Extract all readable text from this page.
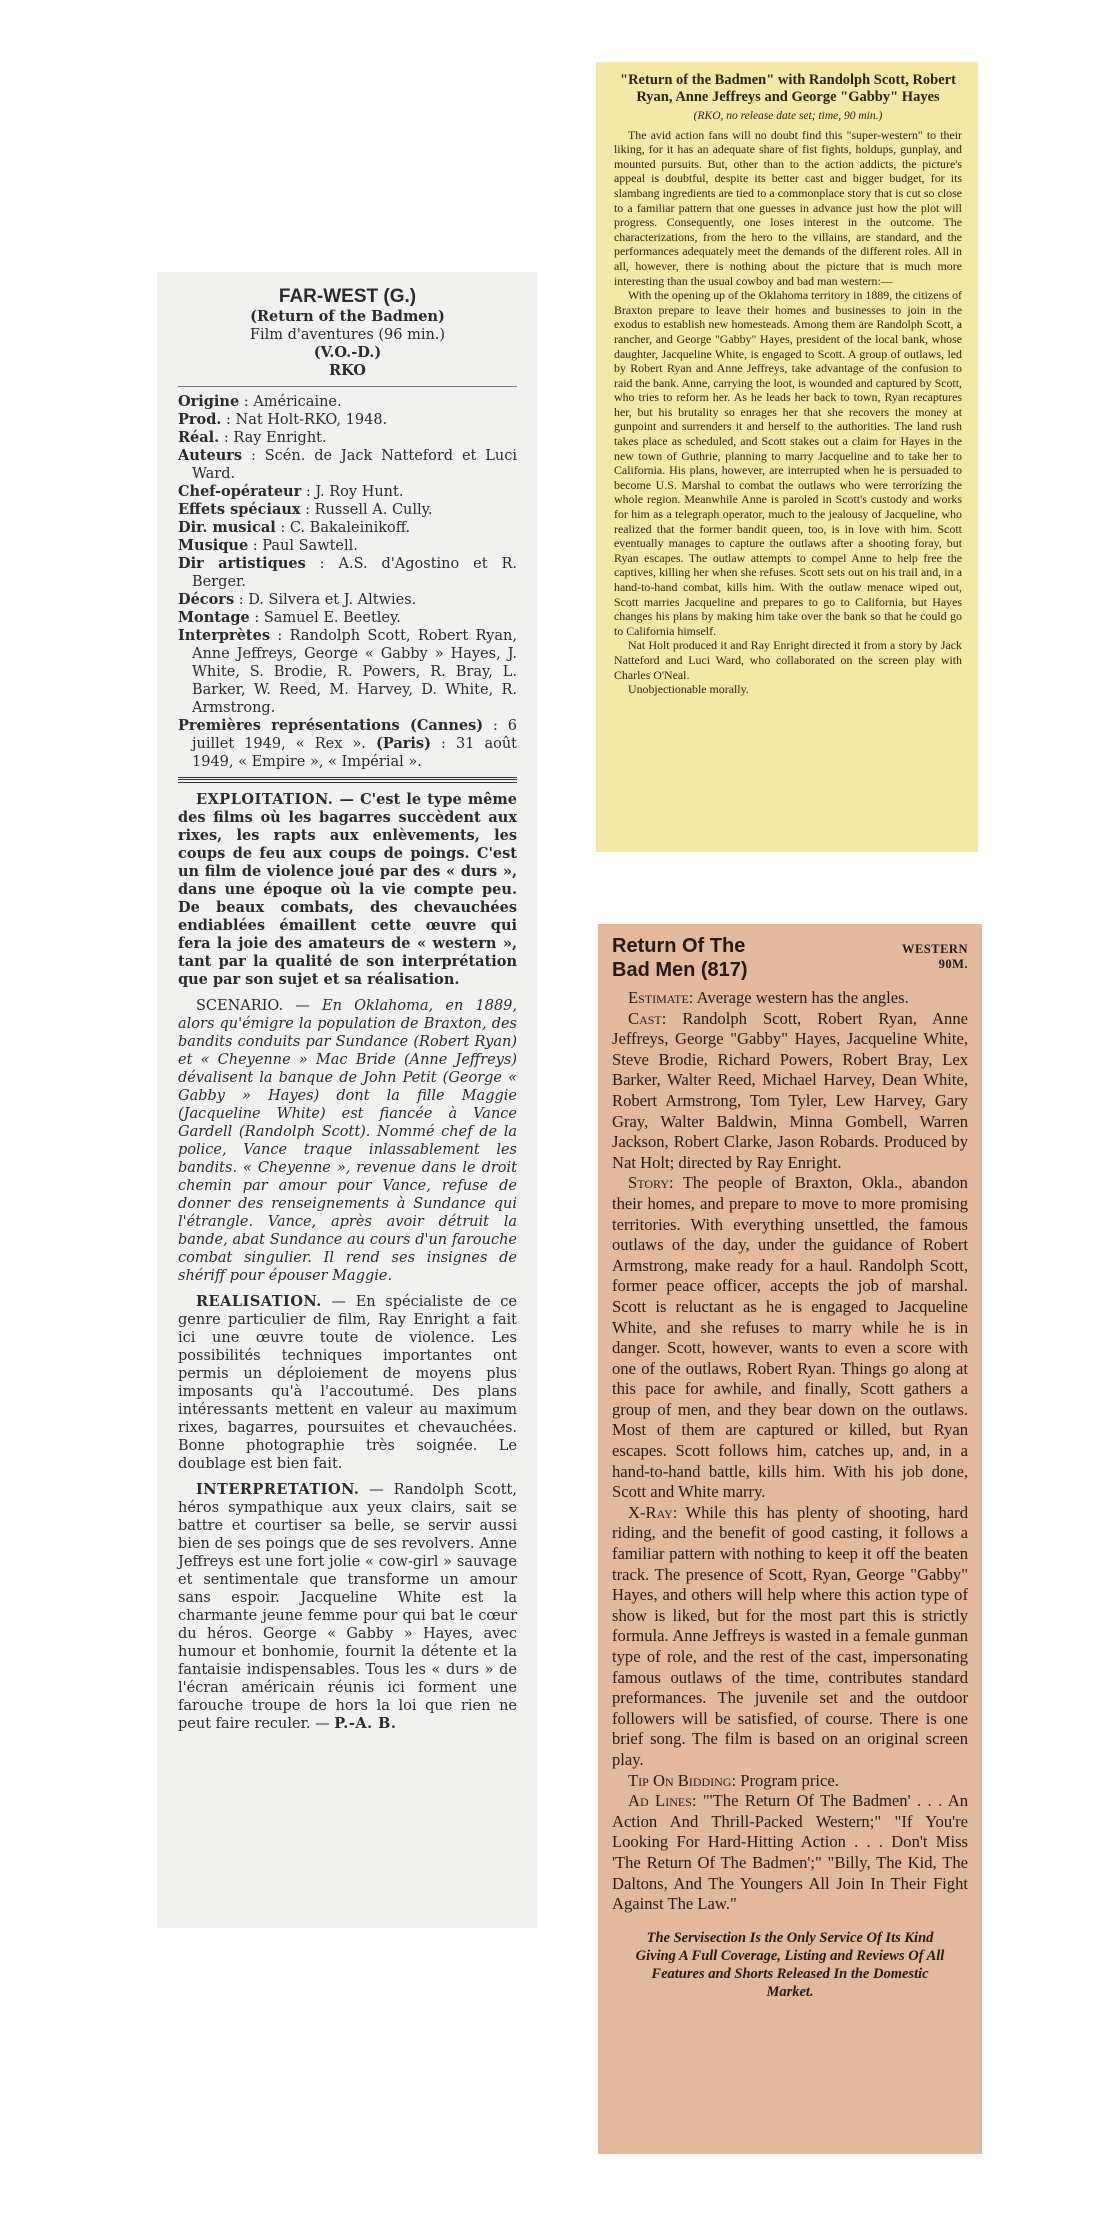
FAR-WEST (G.)

(Return of the Badmen)

Film d'aventures (96 min.)

(V.O.-D.)

RKO

Origine : Américaine.

Prod. : Nat Holt-RKO, 1948.

Réal. : Ray Enright.

Auteurs : Scén. de Jack Natteford et Luci Ward.

Chef-opérateur : J. Roy Hunt.

Effets spéciaux : Russell A. Cully.

Dir. musical : C. Bakaleinikoff.

Musique : Paul Sawtell.

Dir artistiques : A.S. d'Agostino et R. Berger.

Décors : D. Silvera et J. Altwies.

Montage : Samuel E. Beetley.

Interprètes : Randolph Scott, Robert Ryan, Anne Jeffreys, George « Gabby » Hayes, J. White, S. Brodie, R. Powers, R. Bray, L. Barker, W. Reed, M. Harvey, D. White, R. Armstrong.

Premières représentations (Cannes) : 6 juillet 1949, « Rex ». (Paris) : 31 août 1949, « Empire », « Impérial ».

EXPLOITATION. — C'est le type même des films où les bagarres succèdent aux rixes, les rapts aux enlèvements, les coups de feu aux coups de poings. C'est un film de violence joué par des « durs », dans une époque où la vie compte peu. De beaux combats, des chevauchées endiablées émaillent cette œuvre qui fera la joie des amateurs de « western », tant par la qualité de son interprétation que par son sujet et sa réalisation.

SCENARIO. — En Oklahoma, en 1889, alors qu'émigre la population de Braxton, des bandits conduits par Sundance (Robert Ryan) et « Cheyenne » Mac Bride (Anne Jeffreys) dévalisent la banque de John Petit (George « Gabby » Hayes) dont la fille Maggie (Jacqueline White) est fiancée à Vance Gardell (Randolph Scott). Nommé chef de la police, Vance traque inlassablement les bandits. « Cheyenne », revenue dans le droit chemin par amour pour Vance, refuse de donner des renseignements à Sundance qui l'étrangle. Vance, après avoir détruit la bande, abat Sundance au cours d'un farouche combat singulier. Il rend ses insignes de shériff pour épouser Maggie.

REALISATION. — En spécialiste de ce genre particulier de film, Ray Enright a fait ici une œuvre toute de violence. Les possibilités techniques importantes ont permis un déploiement de moyens plus imposants qu'à l'accoutumé. Des plans intéressants mettent en valeur au maximum rixes, bagarres, poursuites et chevauchées. Bonne photographie très soignée. Le doublage est bien fait.

INTERPRETATION. — Randolph Scott, héros sympathique aux yeux clairs, sait se battre et courtiser sa belle, se servir aussi bien de ses poings que de ses revolvers. Anne Jeffreys est une fort jolie « cow-girl » sauvage et sentimentale que transforme un amour sans espoir. Jacqueline White est la charmante jeune femme pour qui bat le cœur du héros. George « Gabby » Hayes, avec humour et bonhomie, fournit la détente et la fantaisie indispensables. Tous les « durs » de l'écran américain réunis ici forment une farouche troupe de hors la loi que rien ne peut faire reculer. — P.-A. B.

"Return of the Badmen" with Randolph Scott, Robert Ryan, Anne Jeffreys and George "Gabby" Hayes

(RKO, no release date set; time, 90 min.)

The avid action fans will no doubt find this "super-western" to their liking, for it has an adequate share of fist fights, holdups, gunplay, and mounted pursuits. But, other than to the action addicts, the picture's appeal is doubtful, despite its better cast and bigger budget, for its slambang ingredients are tied to a commonplace story that is cut so close to a familiar pattern that one guesses in advance just how the plot will progress. Consequently, one loses interest in the outcome. The characterizations, from the hero to the villains, are standard, and the performances adequately meet the demands of the different roles. All in all, however, there is nothing about the picture that is much more interesting than the usual cowboy and bad man western:—

With the opening up of the Oklahoma territory in 1889, the citizens of Braxton prepare to leave their homes and businesses to join in the exodus to establish new homesteads. Among them are Randolph Scott, a rancher, and George "Gabby" Hayes, president of the local bank, whose daughter, Jacqueline White, is engaged to Scott. A group of outlaws, led by Robert Ryan and Anne Jeffreys, take advantage of the confusion to raid the bank. Anne, carrying the loot, is wounded and captured by Scott, who tries to reform her. As he leads her back to town, Ryan recaptures her, but his brutality so enrages her that she recovers the money at gunpoint and surrenders it and herself to the authorities. The land rush takes place as scheduled, and Scott stakes out a claim for Hayes in the new town of Guthrie, planning to marry Jacqueline and to take her to California. His plans, however, are interrupted when he is persuaded to become U.S. Marshal to combat the outlaws who were terrorizing the whole region. Meanwhile Anne is paroled in Scott's custody and works for him as a telegraph operator, much to the jealousy of Jacqueline, who realized that the former bandit queen, too, is in love with him. Scott eventually manages to capture the outlaws after a shooting foray, but Ryan escapes. The outlaw attempts to compel Anne to help free the captives, killing her when she refuses. Scott sets out on his trail and, in a hand-to-hand combat, kills him. With the outlaw menace wiped out, Scott marries Jacqueline and prepares to go to California, but Hayes changes his plans by making him take over the bank so that he could go to California himself.

Nat Holt produced it and Ray Enright directed it from a story by Jack Natteford and Luci Ward, who collaborated on the screen play with Charles O'Neal.

Unobjectionable morally.

Return Of The
Bad Men (817)
WESTERN
90M.

Estimate: Average western has the angles.

Cast: Randolph Scott, Robert Ryan, Anne Jeffreys, George "Gabby" Hayes, Jacqueline White, Steve Brodie, Richard Powers, Robert Bray, Lex Barker, Walter Reed, Michael Harvey, Dean White, Robert Armstrong, Tom Tyler, Lew Harvey, Gary Gray, Walter Baldwin, Minna Gombell, Warren Jackson, Robert Clarke, Jason Robards. Produced by Nat Holt; directed by Ray Enright.

Story: The people of Braxton, Okla., abandon their homes, and prepare to move to more promising territories. With everything unsettled, the famous outlaws of the day, under the guidance of Robert Armstrong, make ready for a haul. Randolph Scott, former peace officer, accepts the job of marshal. Scott is reluctant as he is engaged to Jacqueline White, and she refuses to marry while he is in danger. Scott, however, wants to even a score with one of the outlaws, Robert Ryan. Things go along at this pace for awhile, and finally, Scott gathers a group of men, and they bear down on the outlaws. Most of them are captured or killed, but Ryan escapes. Scott follows him, catches up, and, in a hand-to-hand battle, kills him. With his job done, Scott and White marry.

X-Ray: While this has plenty of shooting, hard riding, and the benefit of good casting, it follows a familiar pattern with nothing to keep it off the beaten track. The presence of Scott, Ryan, George "Gabby" Hayes, and others will help where this action type of show is liked, but for the most part this is strictly formula. Anne Jeffreys is wasted in a female gunman type of role, and the rest of the cast, impersonating famous outlaws of the time, contributes standard preformances. The juvenile set and the outdoor followers will be satisfied, of course. There is one brief song. The film is based on an original screen play.

Tip On Bidding: Program price.

Ad Lines: "'The Return Of The Badmen' . . . An Action And Thrill-Packed Western;" "If You're Looking For Hard-Hitting Action . . . Don't Miss 'The Return Of The Badmen';" "Billy, The Kid, The Daltons, And The Youngers All Join In Their Fight Against The Law."

The Servisection Is the Only Service Of Its Kind Giving A Full Coverage, Listing and Reviews Of All Features and Shorts Released In the Domestic Market.
